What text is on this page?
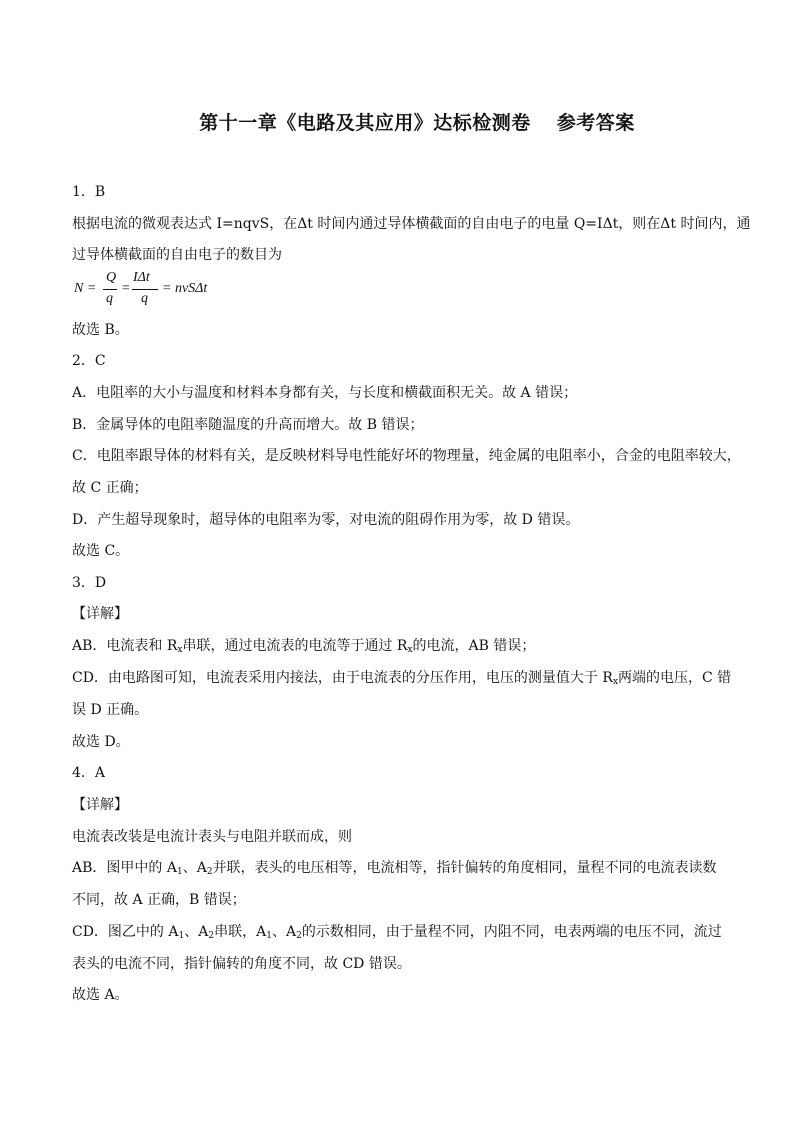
第十一章《电路及其应用》达标检测卷 参考答案
1．B
根据电流的微观表达式 I=nqvS，在Δt 时间内通过导体横截面的自由电子的电量 Q=IΔt，则在Δt 时间内，通
过导体横截面的自由电子的数目为
N =
Q
q
=
IΔt
q
= nvSΔt
故选 B。
2．C
A．电阻率的大小与温度和材料本身都有关，与长度和横截面积无关。故 A 错误；
B．金属导体的电阻率随温度的升高而增大。故 B 错误；
C．电阻率跟导体的材料有关，是反映材料导电性能好坏的物理量，纯金属的电阻率小，合金的电阻率较大，
故 C 正确；
D．产生超导现象时，超导体的电阻率为零，对电流的阻碍作用为零，故 D 错误。
故选 C。
3．D
【详解】
AB．电流表和 $R_x$串联，通过电流表的电流等于通过 $R_x$的电流，AB 错误；
CD．由电路图可知，电流表采用内接法，由于电流表的分压作用，电压的测量值大于 $R_x$两端的电压，C 错
误 D 正确。
故选 D。
4．A
【详解】
电流表改装是电流计表头与电阻并联而成，则
AB．图甲中的 $A_1$、$A_2$并联，表头的电压相等，电流相等，指针偏转的角度相同，量程不同的电流表读数
不同，故 A 正确，B 错误；
CD．图乙中的 $A_1$、$A_2$串联，$A_1$、$A_2$的示数相同，由于量程不同，内阻不同，电表两端的电压不同，流过
表头的电流不同，指针偏转的角度不同，故 CD 错误。
故选 A。
